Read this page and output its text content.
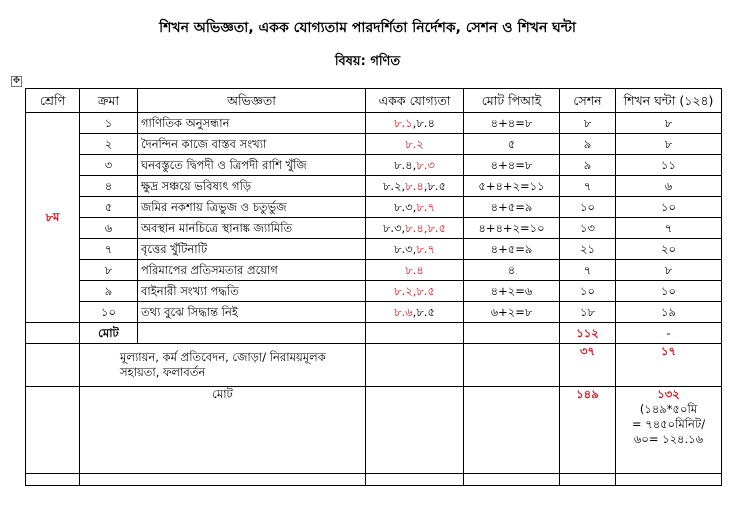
শিখন অভিজ্ঞতা, একক যোগ্যতাম পারদর্শিতা নির্দেশক, সেশন ও শিখন ঘন্টা
বিষয়: গণিত
✥
শ্রেণি	ক্রমা	অভিজ্ঞতা	একক যোগ্যতা	মোট পিআই	সেশন	শিখন ঘন্টা (১২৪)
৮ম	১	গাণিতিক অনুসন্ধান	৮.১,৮.৪	৪+৪=৮	৮	৮
	২	দৈনন্দিন কাজে বাস্তব সংখ্যা	৮.২	৫	৯	৮
	৩	ঘনবস্তুতে দ্বিপদী ও ত্রিপদী রাশি খুঁজি	৮.৪,৮.৩	৪+৪=৮	৯	১১
	৪	ক্ষুদ্র সঞ্চয়ে ভবিষ্যৎ গড়ি	৮.২,৮.৪,৮.৫	৫+৪+২=১১	৭	৬
	৫	জমির নকশায় ত্রিভুজ ও চতুর্ভুজ	৮.৩,৮.৭	৪+৫=৯	১০	১০
	৬	অবস্থান মানচিত্রে স্থানাঙ্ক জ্যামিতি	৮.৩,৮.৪,৮.৫	৪+৪+২=১০	১৩	৭
	৭	বৃত্তের খুঁটিনাটি	৮.৩,৮.৭	৪+৫=৯	২১	২০
	৮	পরিমাপের প্রতিসমতার প্রয়োগ	৮.৪	৪	৭	৮
	৯	বাইনারী সংখ্যা পদ্ধতি	৮.২,৮.৫	৪+২=৬	১০	১০
	১০	তথ্য বুঝে সিদ্ধান্ত নিই	৮.৬,৮.৫	৬+২=৮	১৮	১৯
	মোট				১১২	-
	মূল্যায়ন, কর্ম প্রতিবেদন, জোড়া/ নিরাময়মূলক সহায়তা, ফলাবর্তন				৩৭	১৭
	মোট				১৪৯	১৩২
(১৪৯*৫০মি
= ৭৪৫০মিনিট/
৬০= ১২৪.১৬
